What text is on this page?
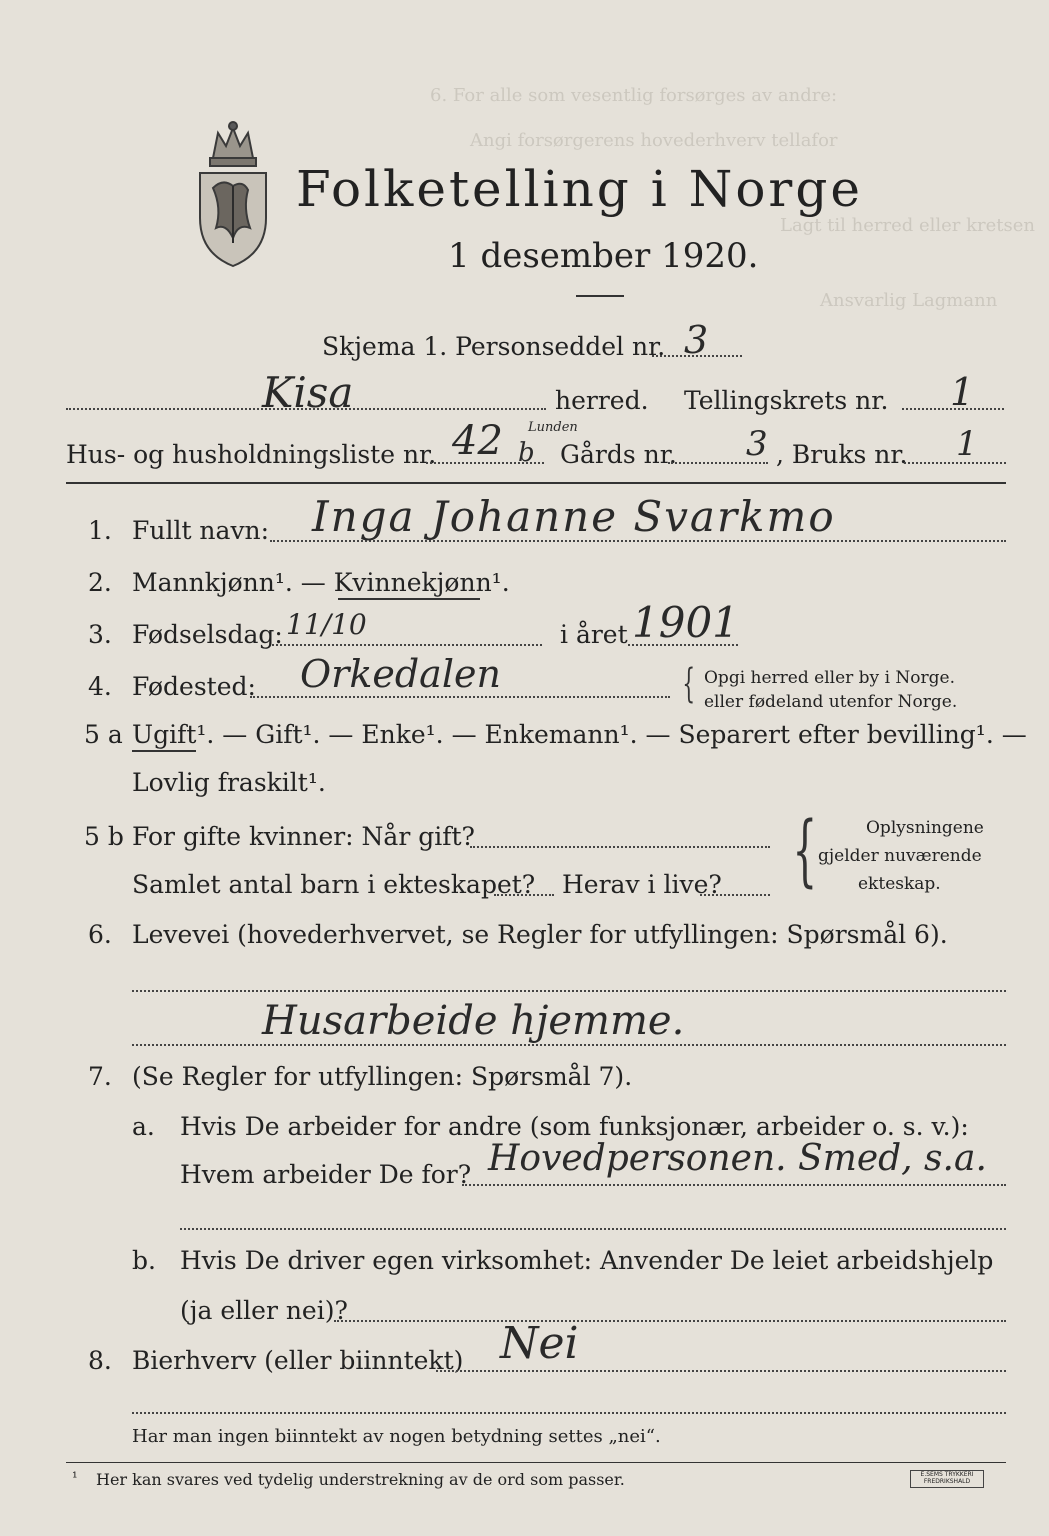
6. For alle som vesentlig forsørges av andre:
Angi forsørgerens hovederhverv tellafor
Lagt til herred eller kretsen
Ansvarlig Lagmann
Folketelling i Norge
1 desember 1920.
Skjema 1. Personseddel nr. 3
Kisa	herred. Tellingskrets nr. 1
Hus- og husholdningsliste nr. 42 b
Lunden
Gårds nr. 3 , Bruks nr. 1
1. Fullt navn: Inga Johanne Svarkmo
2. Mannkjønn¹. — Kvinnekjønn¹.
3. Fødselsdag: 11/10	i året 1901
4. Fødested: Orkedalen	{ Opgi herred eller by i Norge.
eller fødeland utenfor Norge.
5 a Ugift¹. — Gift¹. — Enke¹. — Enkemann¹. — Separert efter bevilling¹. —
Lovlig fraskilt¹.
5 b For gifte kvinner: Når gift?
Samlet antal barn i ekteskapet? Herav i live? {	Oplysningene
gjelder nuværende
ekteskap.
6. Levevei (hovederhvervet, se Regler for utfyllingen: Spørsmål 6).
Husarbeide hjemme.
7. (Se Regler for utfyllingen: Spørsmål 7).
a. Hvis De arbeider for andre (som funksjonær, arbeider o. s. v.):
Hvem arbeider De for? Hovedpersonen. Smed, s.a.
b. Hvis De driver egen virksomhet: Anvender De leiet arbeidshjelp
(ja eller nei)?
8. Bierhverv (eller biinntekt) Nei
Har man ingen biinntekt av nogen betydning settes „nei“.
¹ Her kan svares ved tydelig understrekning av de ord som passer.	E.SEMS TRYKKERI FREDRIKSHALD
